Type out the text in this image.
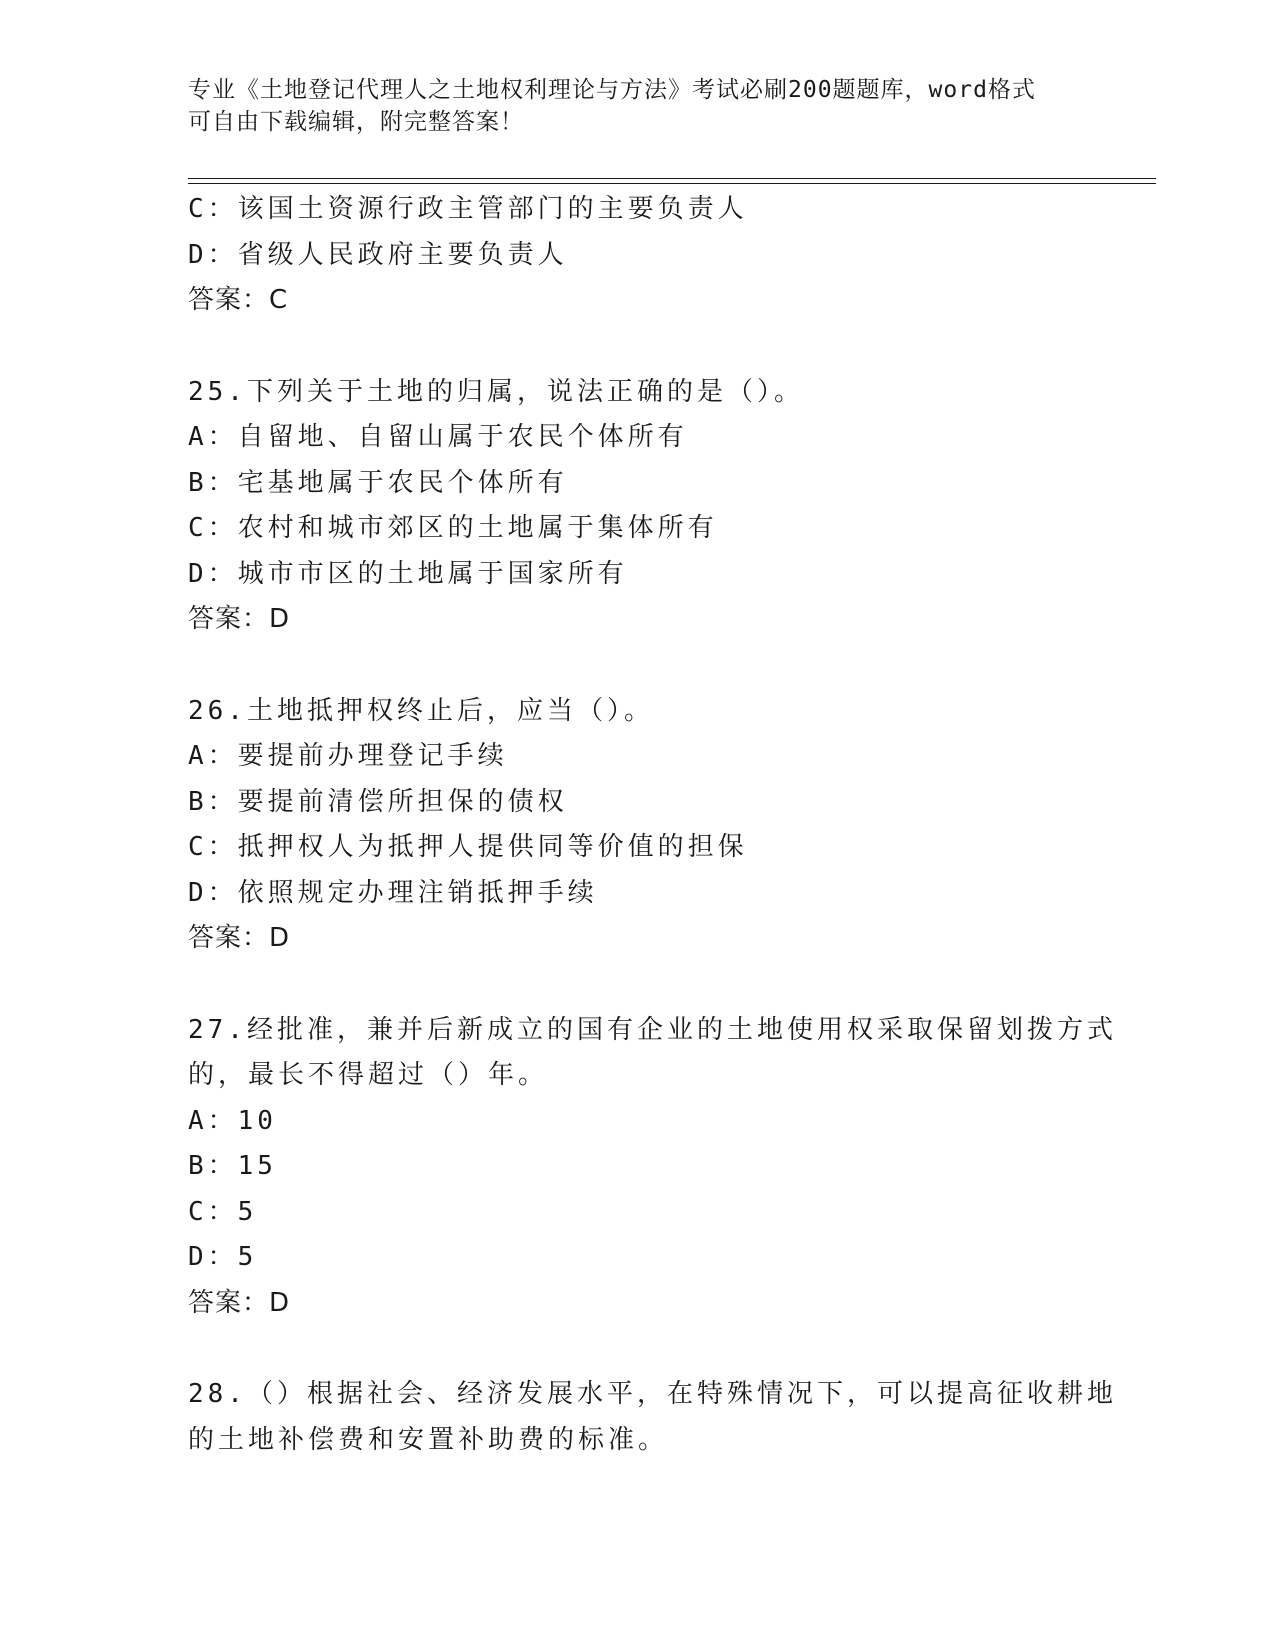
专业《土地登记代理人之土地权利理论与方法》考试必刷200题题库，word格式
可自由下载编辑，附完整答案！
C：该国土资源行政主管部门的主要负责人
D：省级人民政府主要负责人
答案：C
25.下列关于土地的归属，说法正确的是（）。
A：自留地、自留山属于农民个体所有
B：宅基地属于农民个体所有
C：农村和城市郊区的土地属于集体所有
D：城市市区的土地属于国家所有
答案：D
26.土地抵押权终止后，应当（）。
A：要提前办理登记手续
B：要提前清偿所担保的债权
C：抵押权人为抵押人提供同等价值的担保
D：依照规定办理注销抵押手续
答案：D
27.经批准，兼并后新成立的国有企业的土地使用权采取保留划拨方式
的，最长不得超过（）年。
A：10
B：15
C：5
D：5
答案：D
28.（）根据社会、经济发展水平，在特殊情况下，可以提高征收耕地
的土地补偿费和安置补助费的标准。
